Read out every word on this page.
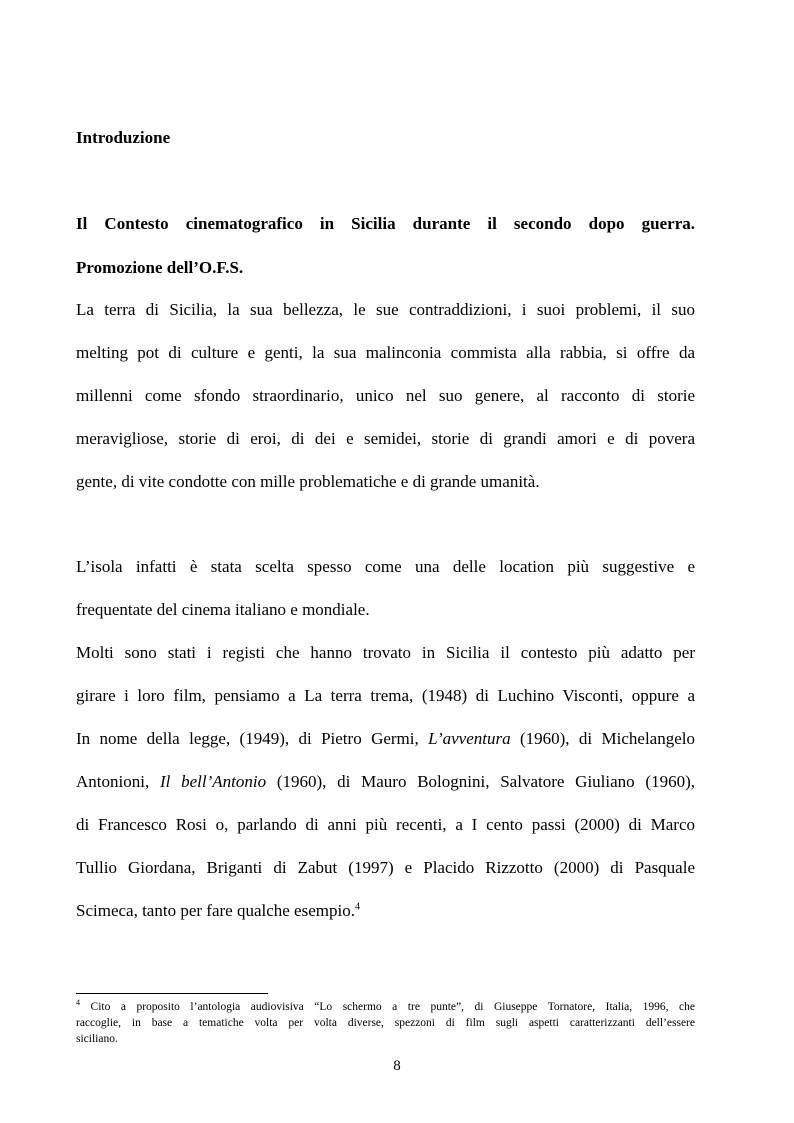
Introduzione
Il Contesto cinematografico in Sicilia durante il secondo dopo guerra.
Promozione dell’O.F.S.
La terra di Sicilia, la sua bellezza, le sue contraddizioni, i suoi problemi, il suo
melting pot di culture e genti, la sua malinconia commista alla rabbia, si offre da
millenni come sfondo straordinario, unico nel suo genere, al racconto di storie
meravigliose, storie di eroi, di dei e semidei, storie di grandi amori e di povera
gente, di vite condotte con mille problematiche e di grande umanità.
L’isola infatti è stata scelta spesso come una delle location più suggestive e
frequentate del cinema italiano e mondiale.
Molti sono stati i registi che hanno trovato in Sicilia il contesto più adatto per
girare i loro film, pensiamo a La terra trema, (1948) di Luchino Visconti, oppure a
In nome della legge, (1949), di Pietro Germi, L’avventura (1960), di Michelangelo
Antonioni, Il bell’Antonio (1960), di Mauro Bolognini, Salvatore Giuliano (1960),
di Francesco Rosi o, parlando di anni più recenti, a I cento passi (2000) di Marco
Tullio Giordana, Briganti di Zabut (1997) e Placido Rizzotto (2000) di Pasquale
Scimeca, tanto per fare qualche esempio.$^4$
$^4$ Cito a proposito l’antologia audiovisiva “Lo schermo a tre punte”, di Giuseppe Tornatore, Italia, 1996, che
raccoglie, in base a tematiche volta per volta diverse, spezzoni di film sugli aspetti caratterizzanti dell’essere
siciliano.
8
